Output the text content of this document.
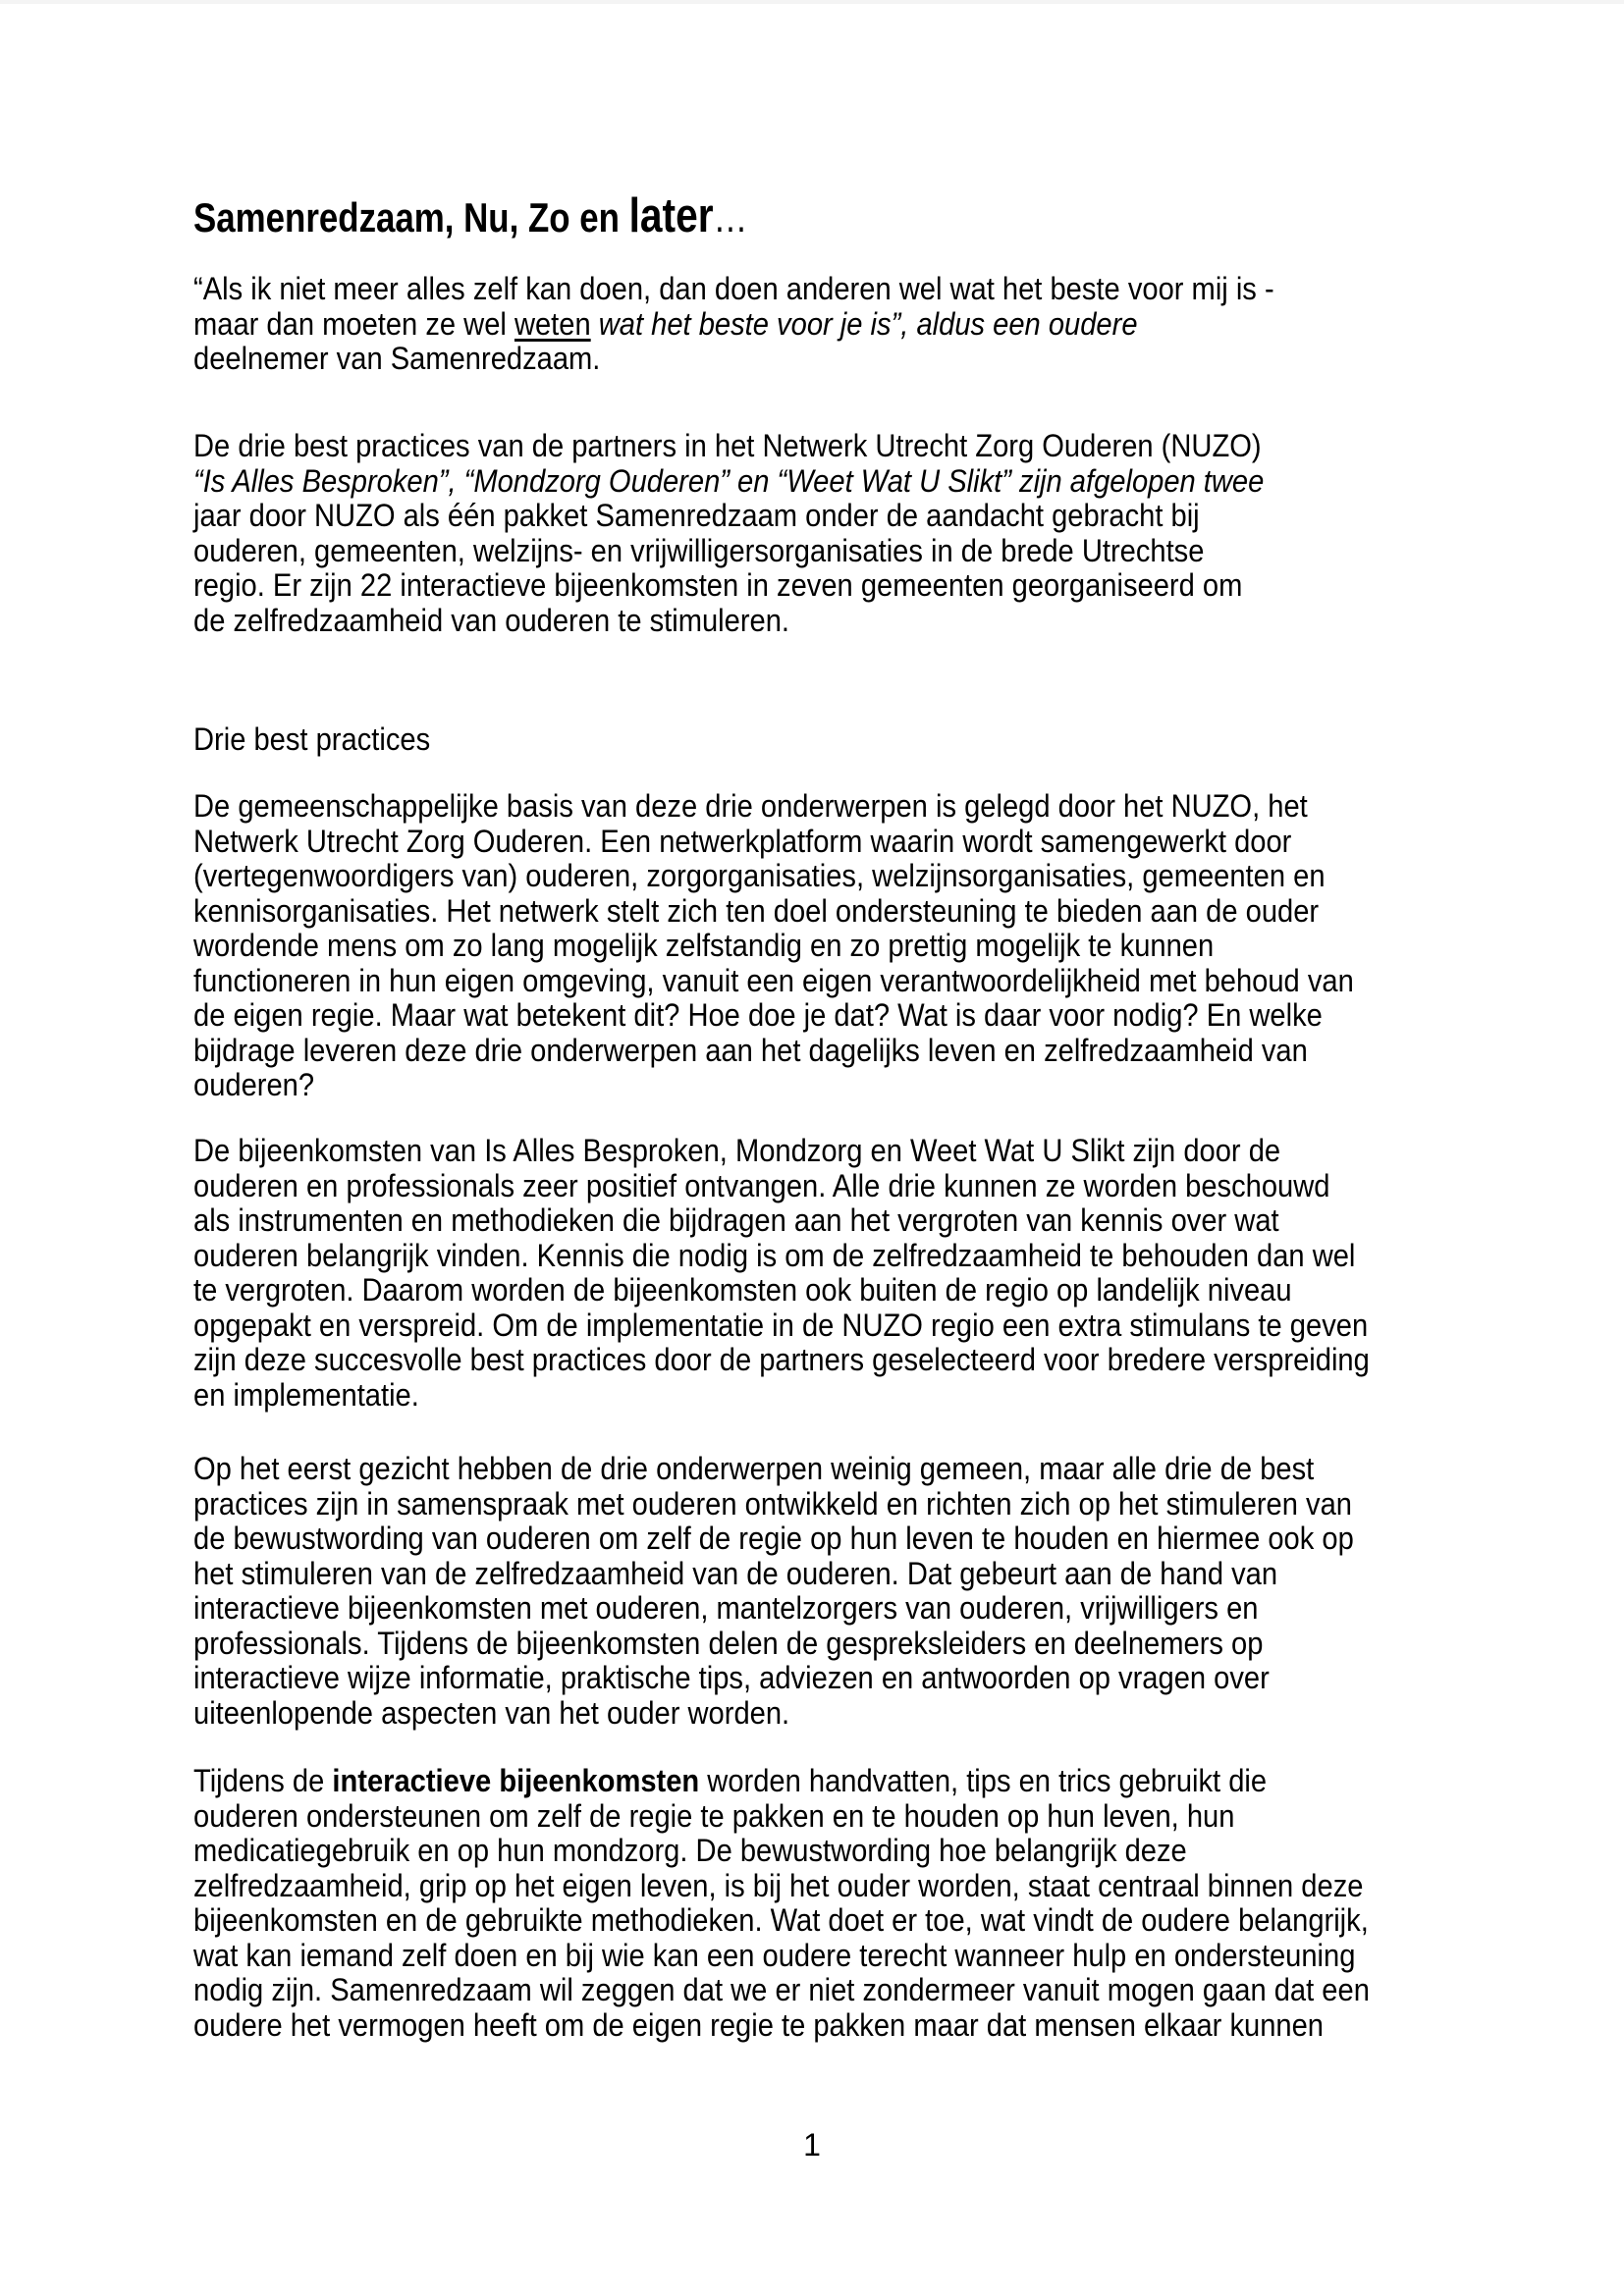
Samenredzaam, Nu, Zo en later…
“Als ik niet meer alles zelf kan doen, dan doen anderen wel wat het beste voor mij is -
maar dan moeten ze wel weten wat het beste voor je is”, aldus een oudere
deelnemer van Samenredzaam.
De drie best practices van de partners in het Netwerk Utrecht Zorg Ouderen (NUZO)
“Is Alles Besproken”, “Mondzorg Ouderen” en “Weet Wat U Slikt” zijn afgelopen twee
jaar door NUZO als één pakket Samenredzaam onder de aandacht gebracht bij
ouderen, gemeenten, welzijns- en vrijwilligersorganisaties in de brede Utrechtse
regio. Er zijn 22 interactieve bijeenkomsten in zeven gemeenten georganiseerd om
de zelfredzaamheid van ouderen te stimuleren.
Drie best practices
De gemeenschappelijke basis van deze drie onderwerpen is gelegd door het NUZO, het
Netwerk Utrecht Zorg Ouderen. Een netwerkplatform waarin wordt samengewerkt door
(vertegenwoordigers van) ouderen, zorgorganisaties, welzijnsorganisaties, gemeenten en
kennisorganisaties. Het netwerk stelt zich ten doel ondersteuning te bieden aan de ouder
wordende mens om zo lang mogelijk zelfstandig en zo prettig mogelijk te kunnen
functioneren in hun eigen omgeving, vanuit een eigen verantwoordelijkheid met behoud van
de eigen regie. Maar wat betekent dit? Hoe doe je dat? Wat is daar voor nodig? En welke
bijdrage leveren deze drie onderwerpen aan het dagelijks leven en zelfredzaamheid van
ouderen?
De bijeenkomsten van Is Alles Besproken, Mondzorg en Weet Wat U Slikt zijn door de
ouderen en professionals zeer positief ontvangen. Alle drie kunnen ze worden beschouwd
als instrumenten en methodieken die bijdragen aan het vergroten van kennis over wat
ouderen belangrijk vinden. Kennis die nodig is om de zelfredzaamheid te behouden dan wel
te vergroten. Daarom worden de bijeenkomsten ook buiten de regio op landelijk niveau
opgepakt en verspreid. Om de implementatie in de NUZO regio een extra stimulans te geven
zijn deze succesvolle best practices door de partners geselecteerd voor bredere verspreiding
en implementatie.
Op het eerst gezicht hebben de drie onderwerpen weinig gemeen, maar alle drie de best
practices zijn in samenspraak met ouderen ontwikkeld en richten zich op het stimuleren van
de bewustwording van ouderen om zelf de regie op hun leven te houden en hiermee ook op
het stimuleren van de zelfredzaamheid van de ouderen. Dat gebeurt aan de hand van
interactieve bijeenkomsten met ouderen, mantelzorgers van ouderen, vrijwilligers en
professionals. Tijdens de bijeenkomsten delen de gespreksleiders en deelnemers op
interactieve wijze informatie, praktische tips, adviezen en antwoorden op vragen over
uiteenlopende aspecten van het ouder worden.
Tijdens de interactieve bijeenkomsten worden handvatten, tips en trics gebruikt die
ouderen ondersteunen om zelf de regie te pakken en te houden op hun leven, hun
medicatiegebruik en op hun mondzorg. De bewustwording hoe belangrijk deze
zelfredzaamheid, grip op het eigen leven, is bij het ouder worden, staat centraal binnen deze
bijeenkomsten en de gebruikte methodieken. Wat doet er toe, wat vindt de oudere belangrijk,
wat kan iemand zelf doen en bij wie kan een oudere terecht wanneer hulp en ondersteuning
nodig zijn. Samenredzaam wil zeggen dat we er niet zondermeer vanuit mogen gaan dat een
oudere het vermogen heeft om de eigen regie te pakken maar dat mensen elkaar kunnen
1
